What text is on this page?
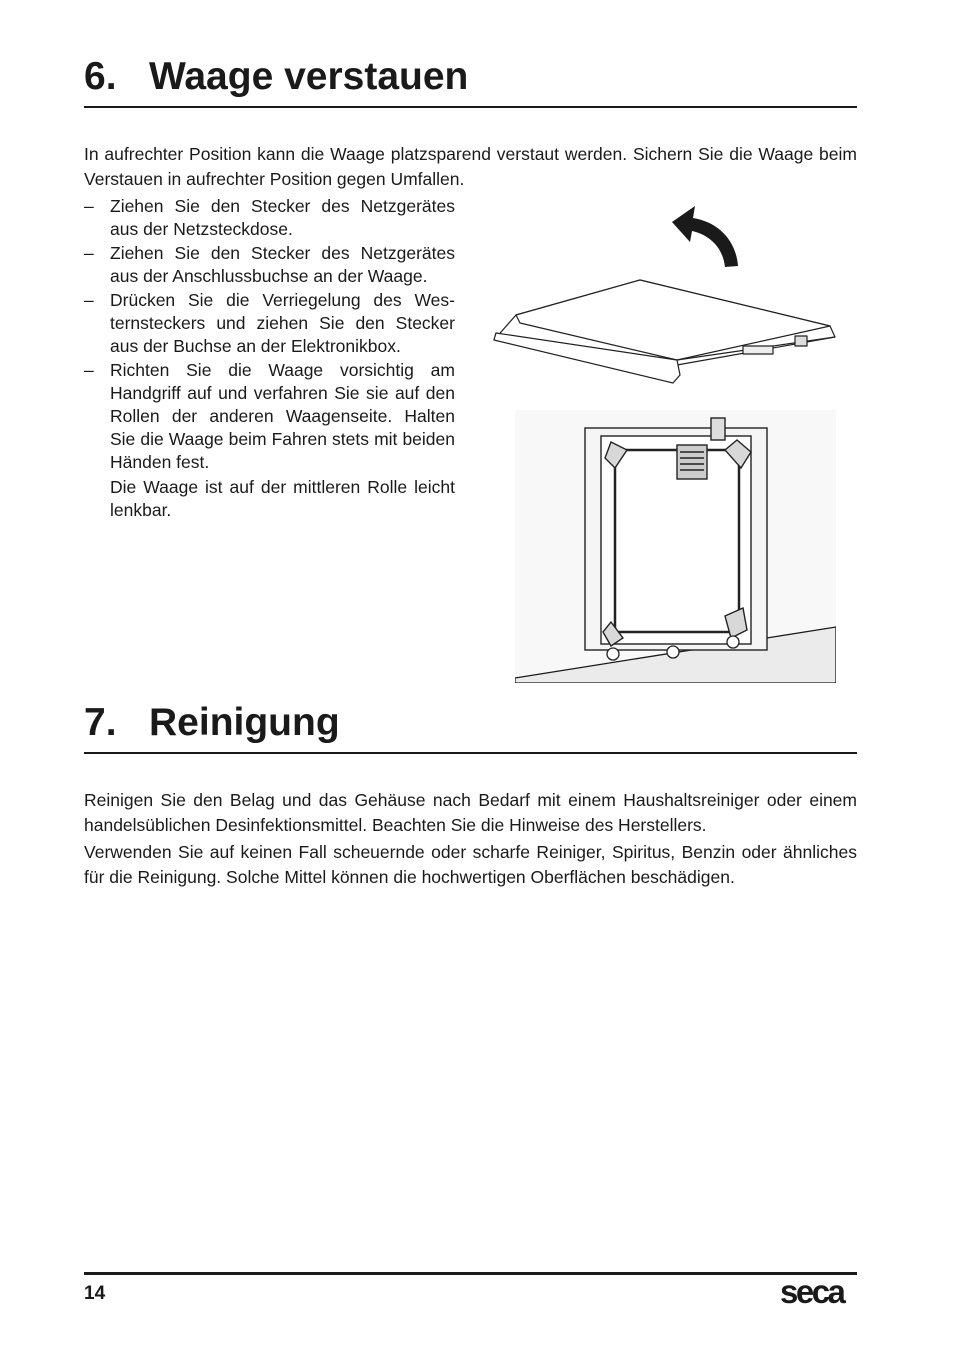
6. Waage verstauen

In aufrechter Position kann die Waage platzsparend verstaut werden. Sichern Sie die Waage beim Verstauen in aufrechter Position gegen Umfallen.

– Ziehen Sie den Stecker des Netzgerätes aus der Netzsteckdose.
– Ziehen Sie den Stecker des Netzgerätes aus der Anschlussbuchse an der Waage.
– Drücken Sie die Verriegelung des Westernsteckers und ziehen Sie den Stecker aus der Buchse an der Elektronikbox.
– Richten Sie die Waage vorsichtig am Handgriff auf und verfahren Sie sie auf den Rollen der anderen Waagenseite. Halten Sie die Waage beim Fahren stets mit beiden Händen fest.
Die Waage ist auf der mittleren Rolle leicht lenkbar.
7. Reinigung

Reinigen Sie den Belag und das Gehäuse nach Bedarf mit einem Haushaltsreiniger oder einem handelsüblichen Desinfektionsmittel. Beachten Sie die Hinweise des Herstellers.

Verwenden Sie auf keinen Fall scheuernde oder scharfe Reiniger, Spiritus, Benzin oder ähnliches für die Reinigung. Solche Mittel können die hochwertigen Oberflächen beschädigen.

14	seca
